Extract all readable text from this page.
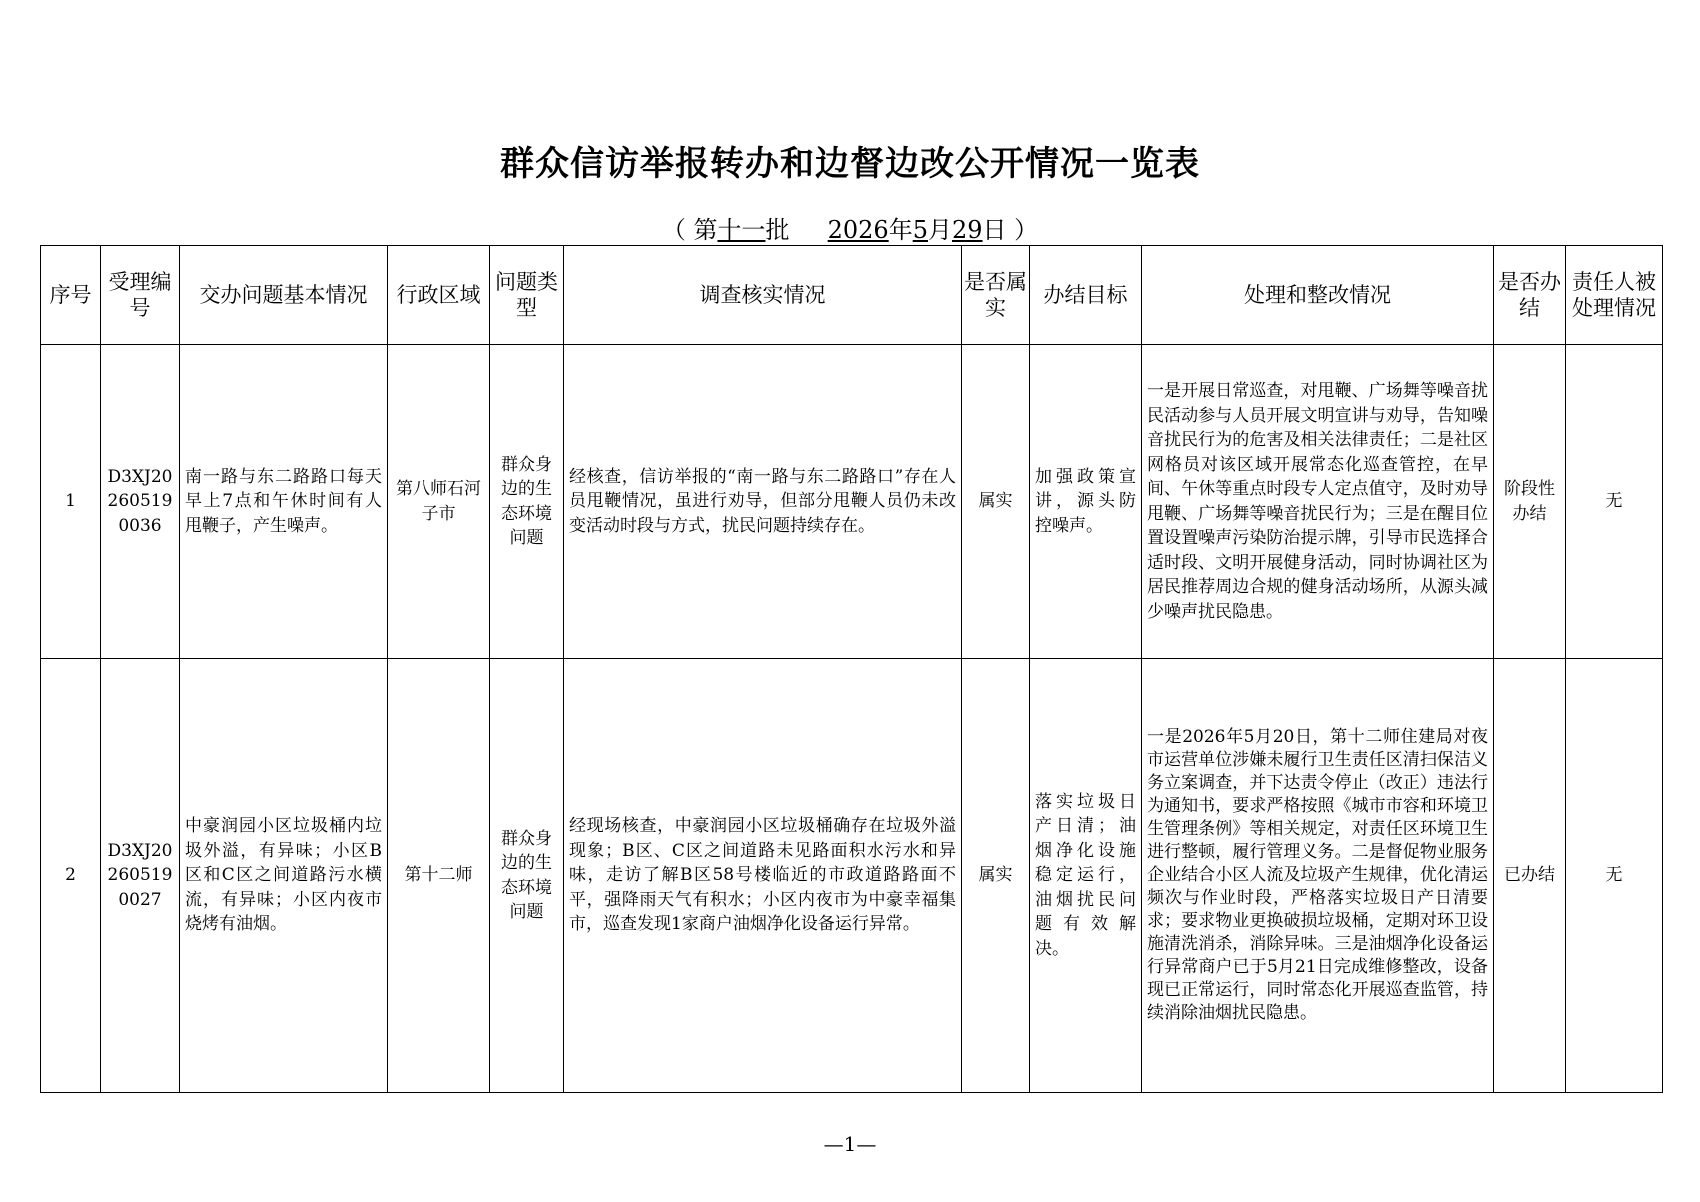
群众信访举报转办和边督边改公开情况一览表
（ 第十一批 2026年5月29日 ）
序号	受理编号	交办问题基本情况	行政区域	问题类型	调查核实情况	是否属实	办结目标	处理和整改情况	是否办结	责任人被处理情况
1	D3XJ202605190036	南一路与东二路路口每天早上7点和午休时间有人甩鞭子，产生噪声。	第八师石河子市	群众身边的生态环境问题	经核查，信访举报的“南一路与东二路路口”存在人员甩鞭情况，虽进行劝导，但部分甩鞭人员仍未改变活动时段与方式，扰民问题持续存在。	属实	加强政策宣讲，源头防控噪声。	一是开展日常巡查，对甩鞭、广场舞等噪音扰民活动参与人员开展文明宣讲与劝导，告知噪音扰民行为的危害及相关法律责任；二是社区网格员对该区域开展常态化巡查管控，在早间、午休等重点时段专人定点值守，及时劝导甩鞭、广场舞等噪音扰民行为；三是在醒目位置设置噪声污染防治提示牌，引导市民选择合适时段、文明开展健身活动，同时协调社区为居民推荐周边合规的健身活动场所，从源头减少噪声扰民隐患。	阶段性办结	无
2	D3XJ202605190027	中豪润园小区垃圾桶内垃圾外溢，有异味；小区B区和C区之间道路污水横流，有异味；小区内夜市烧烤有油烟。	第十二师	群众身边的生态环境问题	经现场核查，中豪润园小区垃圾桶确存在垃圾外溢现象；B区、C区之间道路未见路面积水污水和异味，走访了解B区58号楼临近的市政道路路面不平，强降雨天气有积水；小区内夜市为中豪幸福集市，巡查发现1家商户油烟净化设备运行异常。	属实	落实垃圾日产日清；油烟净化设施稳定运行，油烟扰民问题有效解决。	一是2026年5月20日，第十二师住建局对夜市运营单位涉嫌未履行卫生责任区清扫保洁义务立案调查，并下达责令停止（改正）违法行为通知书，要求严格按照《城市市容和环境卫生管理条例》等相关规定，对责任区环境卫生进行整顿，履行管理义务。二是督促物业服务企业结合小区人流及垃圾产生规律，优化清运频次与作业时段，严格落实垃圾日产日清要求；要求物业更换破损垃圾桶，定期对环卫设施清洗消杀，消除异味。三是油烟净化设备运行异常商户已于5月21日完成维修整改，设备现已正常运行，同时常态化开展巡查监管，持续消除油烟扰民隐患。	已办结	无
—1—
